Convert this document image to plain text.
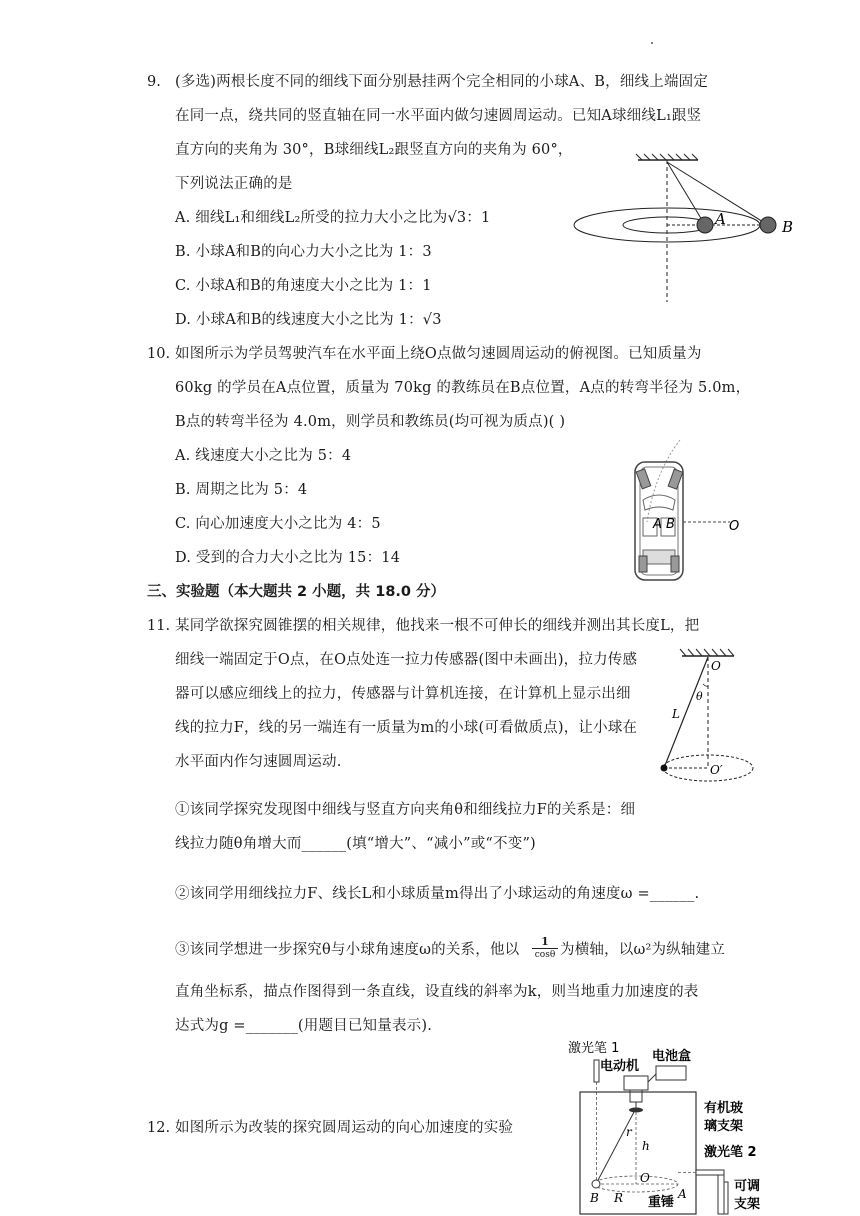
9. (多选)两根长度不同的细线下面分别悬挂两个完全相同的小球A、B，细线上端固定
在同一点，绕共同的竖直轴在同一水平面内做匀速圆周运动。已知A球细线L₁跟竖
直方向的夹角为 30°，B球细线L₂跟竖直方向的夹角为 60°，
下列说法正确的是
A. 细线L₁和细线L₂所受的拉力大小之比为√3：1
B. 小球A和B的向心力大小之比为 1：3
C. 小球A和B的角速度大小之比为 1：1
D. 小球A和B的线速度大小之比为 1：√3
A	B
10. 如图所示为学员驾驶汽车在水平面上绕O点做匀速圆周运动的俯视图。已知质量为
60kg 的学员在A点位置，质量为 70kg 的教练员在B点位置，A点的转弯半径为 5.0m，
B点的转弯半径为 4.0m，则学员和教练员(均可视为质点)( )
A. 线速度大小之比为 5：4
B. 周期之比为 5：4
C. 向心加速度大小之比为 4：5
D. 受到的合力大小之比为 15：14
A B	O
三、实验题（本大题共 2 小题，共 18.0 分）
11. 某同学欲探究圆锥摆的相关规律，他找来一根不可伸长的细线并测出其长度L，把
细线一端固定于O点，在O点处连一拉力传感器(图中未画出)，拉力传感
器可以感应细线上的拉力，传感器与计算机连接，在计算机上显示出细
线的拉力F，线的另一端连有一质量为m的小球(可看做质点)，让小球在
水平面内作匀速圆周运动.
①该同学探究发现图中细线与竖直方向夹角θ和细线拉力F的关系是：细
线拉力随θ角增大而______(填“增大”、“减小”或“不变”)
②该同学用细线拉力F、线长L和小球质量m得出了小球运动的角速度ω =______.
③该同学想进一步探究θ与小球角速度ω的关系，他以
1
cosθ 为横轴，以ω²为纵轴建立
直角坐标系，描点作图得到一条直线，设直线的斜率为k，则当地重力加速度的表
达式为g =_______(用题目已知量表示).
O
θ
L
O′
12. 如图所示为改装的探究圆周运动的向心加速度的实验
激光笔 1
电动机
电池盒
r
h
O
A
B R 重锤
有机玻
璃支架
激光笔 2
可调
支架
